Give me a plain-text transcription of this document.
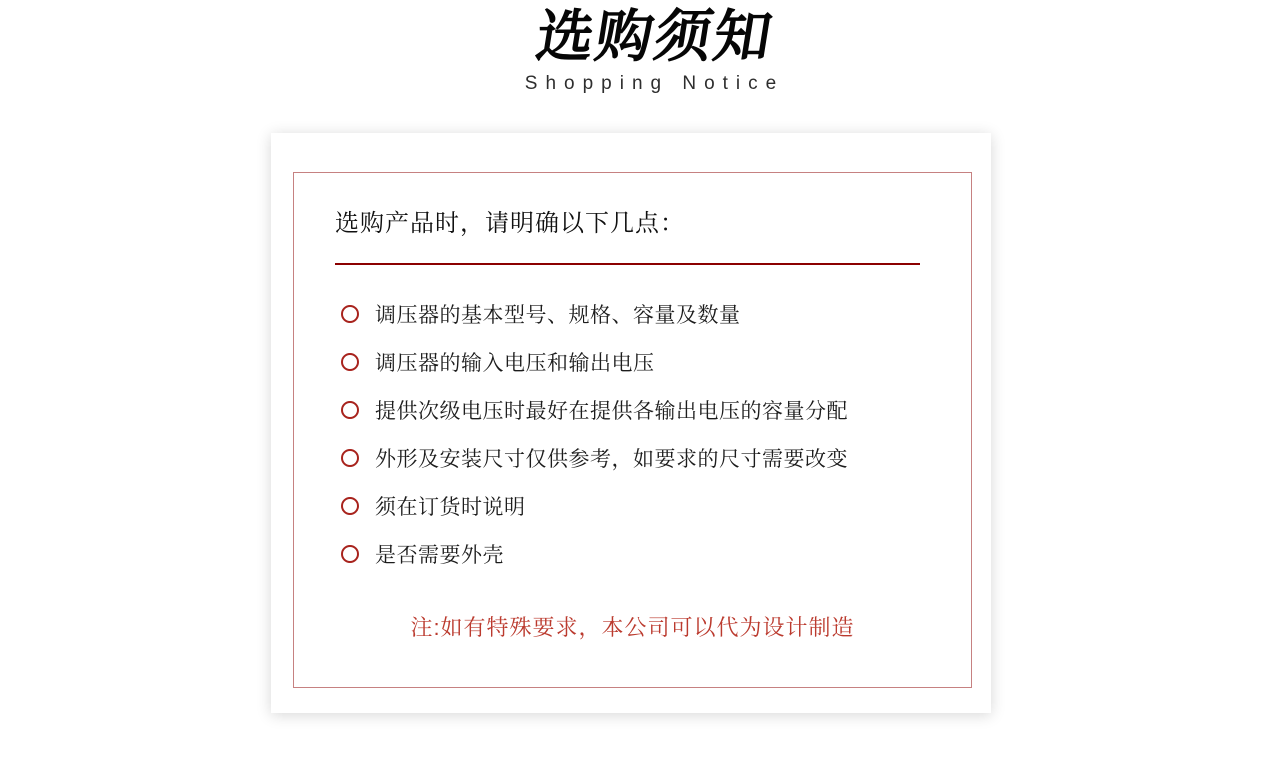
选购须知
Shopping Notice
选购产品时，请明确以下几点：
调压器的基本型号、规格、容量及数量
调压器的输入电压和输出电压
提供次级电压时最好在提供各输出电压的容量分配
外形及安装尺寸仅供参考，如要求的尺寸需要改变
须在订货时说明
是否需要外壳
注:如有特殊要求，本公司可以代为设计制造
